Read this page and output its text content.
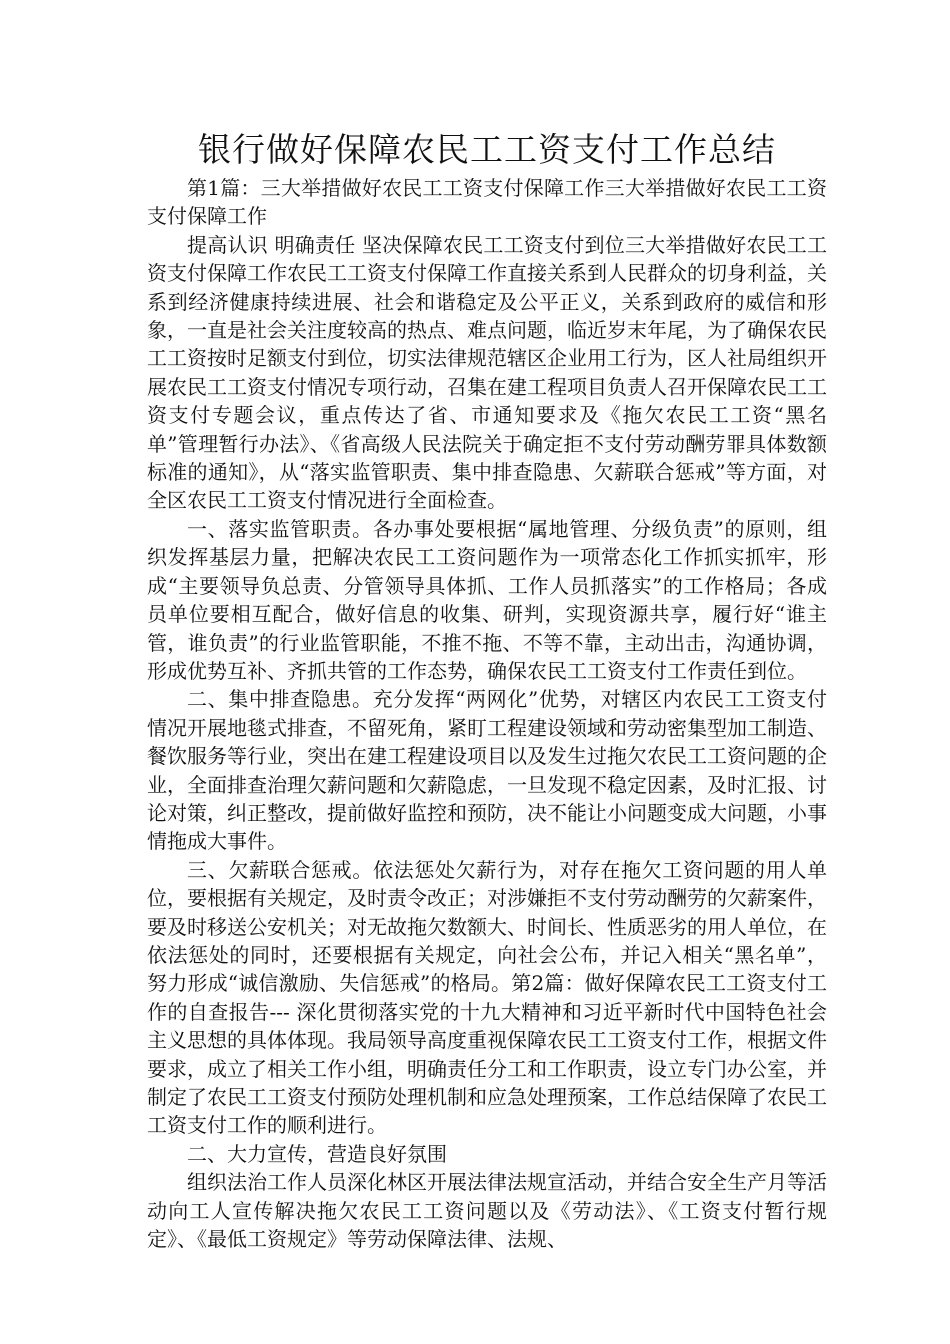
银行做好保障农民工工资支付工作总结

第1篇：三大举措做好农民工工资支付保障工作三大举措做好农民工工资支付保障工作

提高认识 明确责任 坚决保障农民工工资支付到位三大举措做好农民工工资支付保障工作农民工工资支付保障工作直接关系到人民群众的切身利益，关系到经济健康持续进展、社会和谐稳定及公平正义，关系到政府的威信和形象，一直是社会关注度较高的热点、难点问题，临近岁末年尾，为了确保农民工工资按时足额支付到位，切实法律规范辖区企业用工行为，区人社局组织开展农民工工资支付情况专项行动，召集在建工程项目负责人召开保障农民工工资支付专题会议，重点传达了省、市通知要求及《拖欠农民工工资“黑名单”管理暂行办法》、《省高级人民法院关于确定拒不支付劳动酬劳罪具体数额标准的通知》，从“落实监管职责、集中排查隐患、欠薪联合惩戒”等方面，对全区农民工工资支付情况进行全面检查。

一、落实监管职责。各办事处要根据“属地管理、分级负责”的原则，组织发挥基层力量，把解决农民工工资问题作为一项常态化工作抓实抓牢，形成“主要领导负总责、分管领导具体抓、工作人员抓落实”的工作格局；各成员单位要相互配合，做好信息的收集、研判，实现资源共享，履行好“谁主管，谁负责”的行业监管职能，不推不拖、不等不靠，主动出击，沟通协调，形成优势互补、齐抓共管的工作态势，确保农民工工资支付工作责任到位。

二、集中排查隐患。充分发挥“两网化”优势，对辖区内农民工工资支付情况开展地毯式排查，不留死角，紧盯工程建设领域和劳动密集型加工制造、餐饮服务等行业，突出在建工程建设项目以及发生过拖欠农民工工资问题的企业，全面排查治理欠薪问题和欠薪隐虑，一旦发现不稳定因素，及时汇报、讨论对策，纠正整改，提前做好监控和预防，决不能让小问题变成大问题，小事情拖成大事件。

三、欠薪联合惩戒。依法惩处欠薪行为，对存在拖欠工资问题的用人单位，要根据有关规定，及时责令改正；对涉嫌拒不支付劳动酬劳的欠薪案件，要及时移送公安机关；对无故拖欠数额大、时间长、性质恶劣的用人单位，在依法惩处的同时，还要根据有关规定，向社会公布，并记入相关“黑名单”，努力形成“诚信激励、失信惩戒”的格局。第2篇：做好保障农民工工资支付工作的自查报告--- 深化贯彻落实党的十九大精神和习近平新时代中国特色社会主义思想的具体体现。我局领导高度重视保障农民工工资支付工作，根据文件要求，成立了相关工作小组，明确责任分工和工作职责，设立专门办公室，并制定了农民工工资支付预防处理机制和应急处理预案，工作总结保障了农民工工资支付工作的顺利进行。

二、大力宣传，营造良好氛围

组织法治工作人员深化林区开展法律法规宣活动，并结合安全生产月等活动向工人宣传解决拖欠农民工工资问题以及《劳动法》、《工资支付暂行规定》、《最低工资规定》等劳动保障法律、法规、
